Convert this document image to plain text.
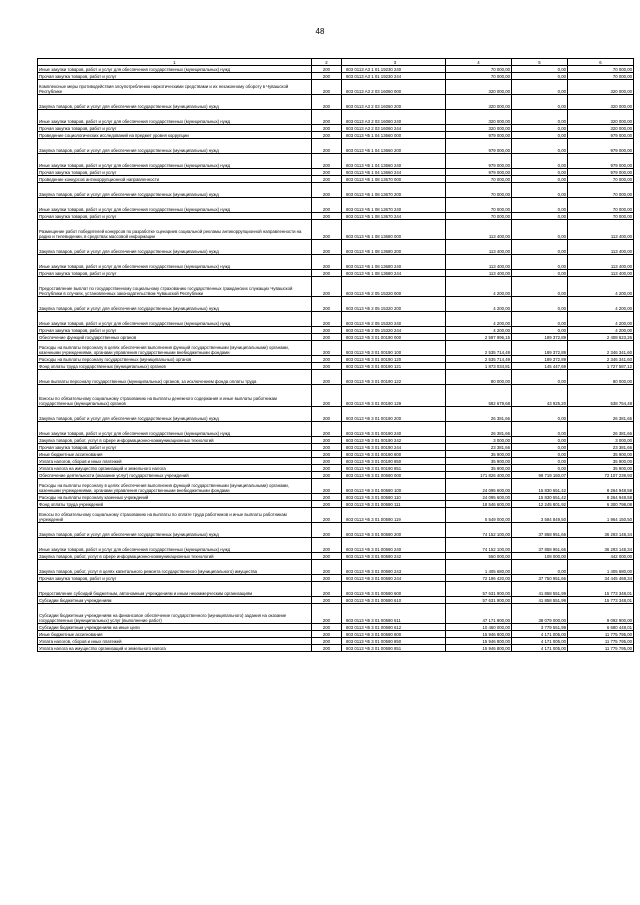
48
1	2	3	4	5	6
Иные закупки товаров, работ и услуг для обеспечения государственных (муниципальных) нужд	200	803 0113 А3 1 01 19230 240	70 000,00	0,00	70 000,00
Прочая закупка товаров, работ и услуг	200	803 0113 А3 1 01 19230 244	70 000,00	0,00	70 000,00
Комплексные меры противодействия злоупотреблению наркотическими средствами и их незаконному обороту в Чувашской Республике	200	803 0113 А3 2 03 16060 000	320 000,00	0,00	320 000,00
Закупка товаров, работ и услуг для обеспечения государственных (муниципальных) нужд	200	803 0113 А3 2 03 16060 200	320 000,00	0,00	320 000,00
Иные закупки товаров, работ и услуг для обеспечения государственных (муниципальных) нужд	200	803 0113 А3 2 03 16060 240	320 000,00	0,00	320 000,00
Прочая закупка товаров, работ и услуг	200	803 0113 А3 2 03 16060 244	320 000,00	0,00	320 000,00
Проведение социологических исследований на предмет уровня коррупции	200	803 0113 Ч5 1 04 13660 000	979 000,00	0,00	979 000,00
Закупка товаров, работ и услуг для обеспечения государственных (муниципальных) нужд	200	803 0113 Ч5 1 04 13660 200	979 000,00	0,00	979 000,00
Иные закупки товаров, работ и услуг для обеспечения государственных (муниципальных) нужд	200	803 0113 Ч5 1 04 13660 240	979 000,00	0,00	979 000,00
Прочая закупка товаров, работ и услуг	200	803 0113 Ч5 1 04 13660 244	979 000,00	0,00	979 000,00
Проведение конкурсов антикоррупционной направленности	200	803 0113 Ч5 1 08 13670 000	70 000,00	0,00	70 000,00
Закупка товаров, работ и услуг для обеспечения государственных (муниципальных) нужд	200	803 0113 Ч5 1 08 13670 200	70 000,00	0,00	70 000,00
Иные закупки товаров, работ и услуг для обеспечения государственных (муниципальных) нужд	200	803 0113 Ч5 1 08 13670 240	70 000,00	0,00	70 000,00
Прочая закупка товаров, работ и услуг	200	803 0113 Ч5 1 08 13670 244	70 000,00	0,00	70 000,00
Размещение работ победителей конкурсов по разработке сценариев социальной рекламы антикоррупционной направленности на радио и телевидении, в средствах массовой информации	200	803 0113 Ч5 1 08 13680 000	113 400,00	0,00	113 400,00
Закупка товаров, работ и услуг для обеспечения государственных (муниципальных) нужд	200	803 0113 Ч5 1 08 13680 200	113 400,00	0,00	113 400,00
Иные закупки товаров, работ и услуг для обеспечения государственных (муниципальных) нужд	200	803 0113 Ч5 1 08 13680 240	113 400,00	0,00	113 400,00
Прочая закупка товаров, работ и услуг	200	803 0113 Ч5 1 08 13680 244	113 400,00	0,00	113 400,00
Предоставление выплат по государственному социальному страхованию государственных гражданских служащих Чувашской Республики в случаях, установленных законодательством Чувашской Республики	200	803 0113 Ч5 2 05 15320 000	4 200,00	0,00	4 200,00
Закупка товаров, работ и услуг для обеспечения государственных (муниципальных) нужд	200	803 0113 Ч5 2 05 15320 200	4 200,00	0,00	4 200,00
Иные закупки товаров, работ и услуг для обеспечения государственных (муниципальных) нужд	200	803 0113 Ч5 2 05 15320 240	4 200,00	0,00	4 200,00
Прочая закупка товаров, работ и услуг	200	803 0113 Ч5 2 05 15320 244	4 200,00	0,00	4 200,00
Обеспечение функций государственных органов	200	803 0113 Ч5 3 01 00190 000	2 597 996,15	189 372,89	2 408 623,26
Расходы на выплаты персоналу в целях обеспечения выполнения функций государственными (муниципальными) органами, казенными учреждениями, органами управления государственными внебюджетными фондами	200	803 0113 Ч5 3 01 00190 100	2 535 714,49	189 372,89	2 346 341,60
Расходы на выплаты персоналу государственных (муниципальных) органов	200	803 0113 Ч5 3 01 00190 120	2 535 714,49	189 372,89	2 346 341,60
Фонд оплаты труда государственных (муниципальных) органов	200	803 0113 Ч5 3 01 00190 121	1 873 034,81	145 447,69	1 727 587,12
Иные выплаты персоналу государственных (муниципальных) органов, за исключением фонда оплаты труда	200	803 0113 Ч5 3 01 00190 122	80 000,00	0,00	80 000,00
Взносы по обязательному социальному страхованию на выплаты денежного содержания и иные выплаты работникам государственных (муниципальных) органов	200	803 0113 Ч5 3 01 00190 129	582 679,68	43 925,20	538 754,48
Закупка товаров, работ и услуг для обеспечения государственных (муниципальных) нужд	200	803 0113 Ч5 3 01 00190 200	26 381,66	0,00	26 381,66
Иные закупки товаров, работ и услуг для обеспечения государственных (муниципальных) нужд	200	803 0113 Ч5 3 01 00190 240	26 381,66	0,00	26 381,66
Закупка товаров, работ, услуг в сфере информационно-коммуникационных технологий	200	803 0113 Ч5 3 01 00190 242	3 000,00	0,00	3 000,00
Прочая закупка товаров, работ и услуг	200	803 0113 Ч5 3 01 00190 244	23 381,66	0,00	23 381,66
Иные бюджетные ассигнования	200	803 0113 Ч5 3 01 00190 800	35 900,00	0,00	35 900,00
Уплата налогов, сборов и иных платежей	200	803 0113 Ч5 3 01 00190 850	35 900,00	0,00	35 900,00
Уплата налога на имущество организаций и земельного налога	200	803 0113 Ч5 3 01 00190 851	35 900,00	0,00	35 900,00
Обеспечение деятельности (оказание услуг) государственных учреждений	200	803 0113 Ч5 3 01 00590 000	171 826 400,00	99 719 160,07	72 107 239,93
Расходы на выплаты персоналу в целях обеспечения выполнения функций государственными (муниципальными) органами, казенными учреждениями, органами управления государственными внебюджетными фондами	200	803 0113 Ч5 3 01 00590 100	24 095 600,00	15 830 651,42	8 264 948,58
Расходы на выплаты персоналу казенных учреждений	200	803 0113 Ч5 3 01 00590 110	24 095 600,00	15 830 651,42	8 264 948,58
Фонд оплаты труда учреждений	200	803 0113 Ч5 3 01 00590 111	18 546 600,00	12 245 801,92	6 300 798,08
Взносы по обязательному социальному страхованию на выплаты по оплате труда работников и иные выплаты работникам учреждений	200	803 0113 Ч5 3 01 00590 119	5 549 000,00	3 584 849,50	1 964 150,50
Закупка товаров, работ и услуг для обеспечения государственных (муниципальных) нужд	200	803 0113 Ч5 3 01 00590 200	74 152 100,00	37 858 951,66	36 293 148,34
Иные закупки товаров, работ и услуг для обеспечения государственных (муниципальных) нужд	200	803 0113 Ч5 3 01 00590 240	74 152 100,00	37 858 951,66	36 293 148,34
Закупка товаров, работ, услуг в сфере информационно-коммуникационных технологий	200	803 0113 Ч5 3 01 00590 242	550 000,00	108 000,00	442 000,00
Закупка товаров, работ, услуг в целях капитального ремонта государственного (муниципального) имущества	200	803 0113 Ч5 3 01 00590 243	1 405 680,00	0,00	1 405 680,00
Прочая закупка товаров, работ и услуг	200	803 0113 Ч5 3 01 00590 244	72 196 420,00	37 750 951,66	34 445 468,34
Предоставление субсидий бюджетным, автономным учреждениям и иным некоммерческим организациям	200	803 0113 Ч5 3 01 00590 600	57 631 900,00	41 858 551,99	15 773 348,01
Субсидии бюджетным учреждениям	200	803 0113 Ч5 3 01 00590 610	57 631 900,00	41 858 551,99	15 773 348,01
Субсидии бюджетным учреждениям на финансовое обеспечение государственного (муниципального) задания на оказание государственных (муниципальных) услуг (выполнение работ)	200	803 0113 Ч5 3 01 00590 611	47 171 900,00	38 079 000,00	9 092 900,00
Субсидии бюджетным учреждениям на иные цели	200	803 0113 Ч5 3 01 00590 612	10 460 000,00	3 779 551,99	6 680 448,01
Иные бюджетные ассигнования	200	803 0113 Ч5 3 01 00590 800	15 946 800,00	4 171 005,00	11 775 795,00
Уплата налогов, сборов и иных платежей	200	803 0113 Ч5 3 01 00590 850	15 946 800,00	4 171 005,00	11 775 795,00
Уплата налога на имущество организаций и земельного налога	200	803 0113 Ч5 3 01 00590 851	15 946 800,00	4 171 005,00	11 775 795,00
